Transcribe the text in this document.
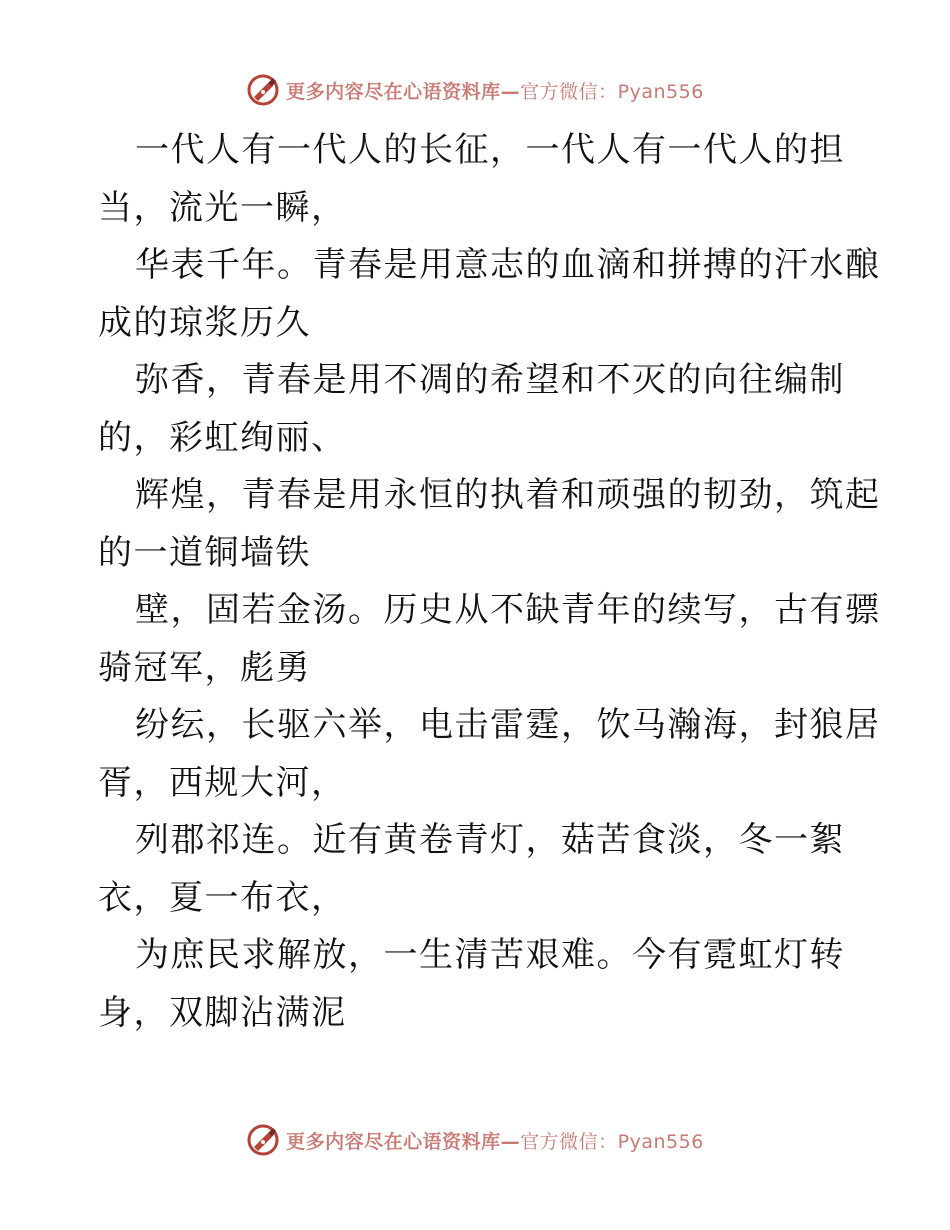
更多内容尽在心语资料库—官方微信：Pyan556

一代人有一代人的长征，一代人有一代人的担

当，流光一瞬，

华表千年。青春是用意志的血滴和拼搏的汗水酿

成的琼浆历久

弥香，青春是用不凋的希望和不灭的向往编制

的，彩虹绚丽、

辉煌，青春是用永恒的执着和顽强的韧劲，筑起

的一道铜墙铁

壁，固若金汤。历史从不缺青年的续写，古有骠

骑冠军，彪勇

纷纭，长驱六举，电击雷霆，饮马瀚海，封狼居

胥，西规大河，

列郡祁连。近有黄卷青灯，菇苦食淡，冬一絮

衣，夏一布衣，

为庶民求解放，一生清苦艰难。今有霓虹灯转

身，双脚沾满泥

更多内容尽在心语资料库—官方微信：Pyan556
